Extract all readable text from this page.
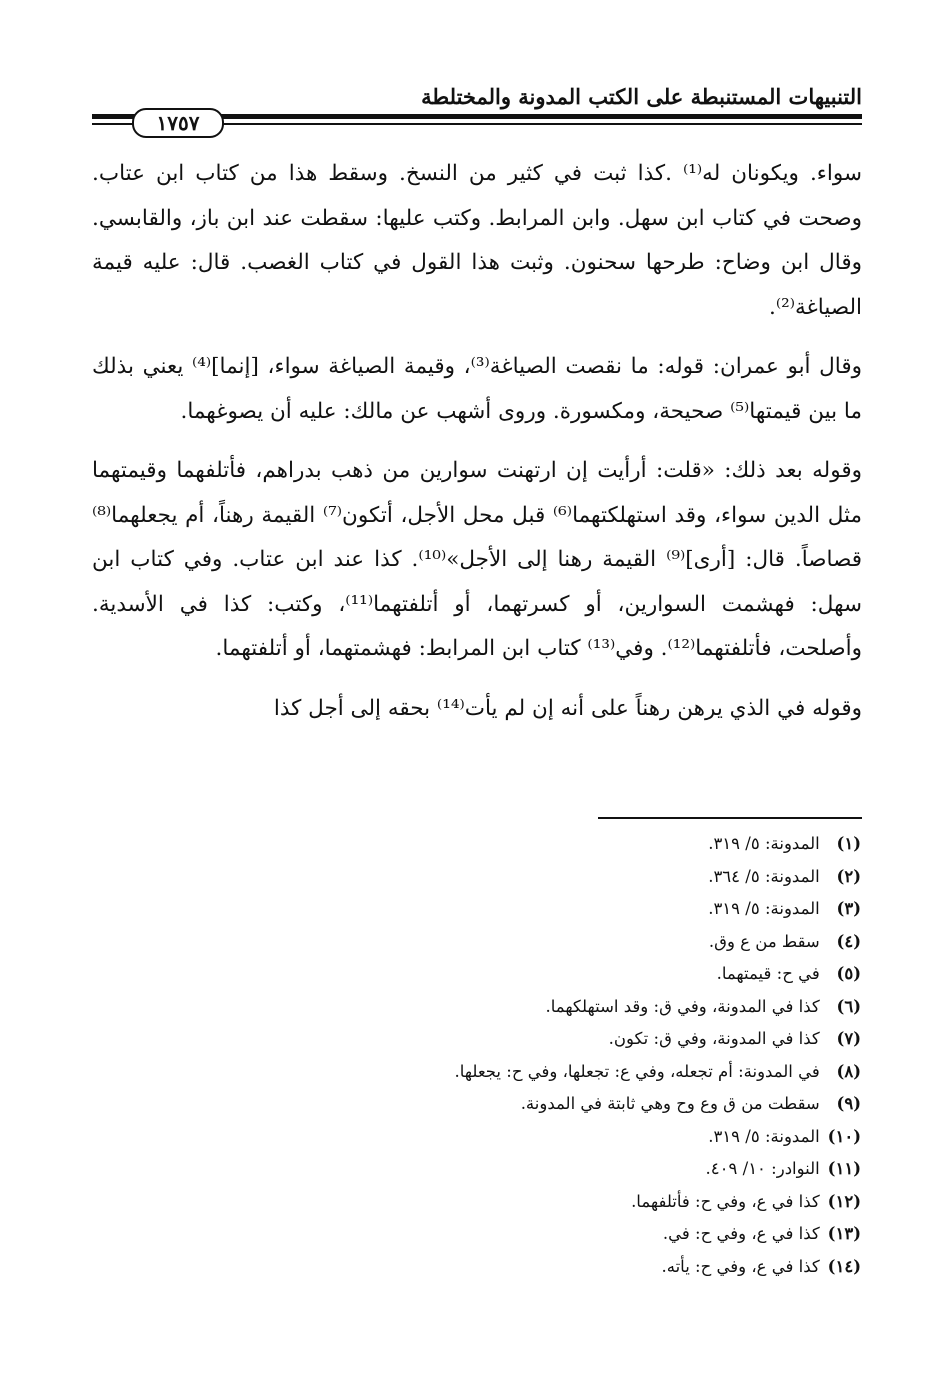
التنبيهات المستنبطة على الكتب المدونة والمختلطة
١٧٥٧

سواء. ويكونان له⁽¹⁾ .كذا ثبت في كثير من النسخ. وسقط هذا من كتاب ابن عتاب. وصحت في كتاب ابن سهل. وابن المرابط. وكتب عليها: سقطت عند ابن باز، والقابسي. وقال ابن وضاح: طرحها سحنون. وثبت هذا القول في كتاب الغصب. قال: عليه قيمة الصياغة⁽²⁾.

وقال أبو عمران: قوله: ما نقصت الصياغة⁽³⁾، وقيمة الصياغة سواء، [إنما]⁽⁴⁾ يعني بذلك ما بين قيمتها⁽⁵⁾ صحيحة، ومكسورة. وروى أشهب عن مالك: عليه أن يصوغهما.

وقوله بعد ذلك: «قلت: أرأيت إن ارتهنت سوارين من ذهب بدراهم، فأتلفهما وقيمتهما مثل الدين سواء، وقد استهلكتهما⁽⁶⁾ قبل محل الأجل، أتكون⁽⁷⁾ القيمة رهناً، أم يجعلهما⁽⁸⁾ قصاصاً. قال: [أرى]⁽⁹⁾ القيمة رهنا إلى الأجل»⁽¹⁰⁾. كذا عند ابن عتاب. وفي كتاب ابن سهل: فهشمت السوارين، أو كسرتهما، أو أتلفتهما⁽¹¹⁾، وكتب: كذا في الأسدية. وأصلحت، فأتلفتهما⁽¹²⁾. وفي⁽¹³⁾ كتاب ابن المرابط: فهشمتهما، أو أتلفتهما.

وقوله في الذي يرهن رهناً على أنه إن لم يأت⁽¹⁴⁾ بحقه إلى أجل كذا

(١) المدونة: ٥/ ٣١٩.
(٢) المدونة: ٥/ ٣٦٤.
(٣) المدونة: ٥/ ٣١٩.
(٤) سقط من ع وق.
(٥) في ح: قيمتهما.
(٦) كذا في المدونة، وفي ق: وقد استهلكهما.
(٧) كذا في المدونة، وفي ق: تكون.
(٨) في المدونة: أم تجعله، وفي ع: تجعلها، وفي ح: يجعلها.
(٩) سقطت من ق وع وح وهي ثابتة في المدونة.
(١٠) المدونة: ٥/ ٣١٩.
(١١) النوادر: ١٠/ ٤٠٩.
(١٢) كذا في ع، وفي ح: فأتلفهما.
(١٣) كذا في ع، وفي ح: في.
(١٤) كذا في ع، وفي ح: يأته.
